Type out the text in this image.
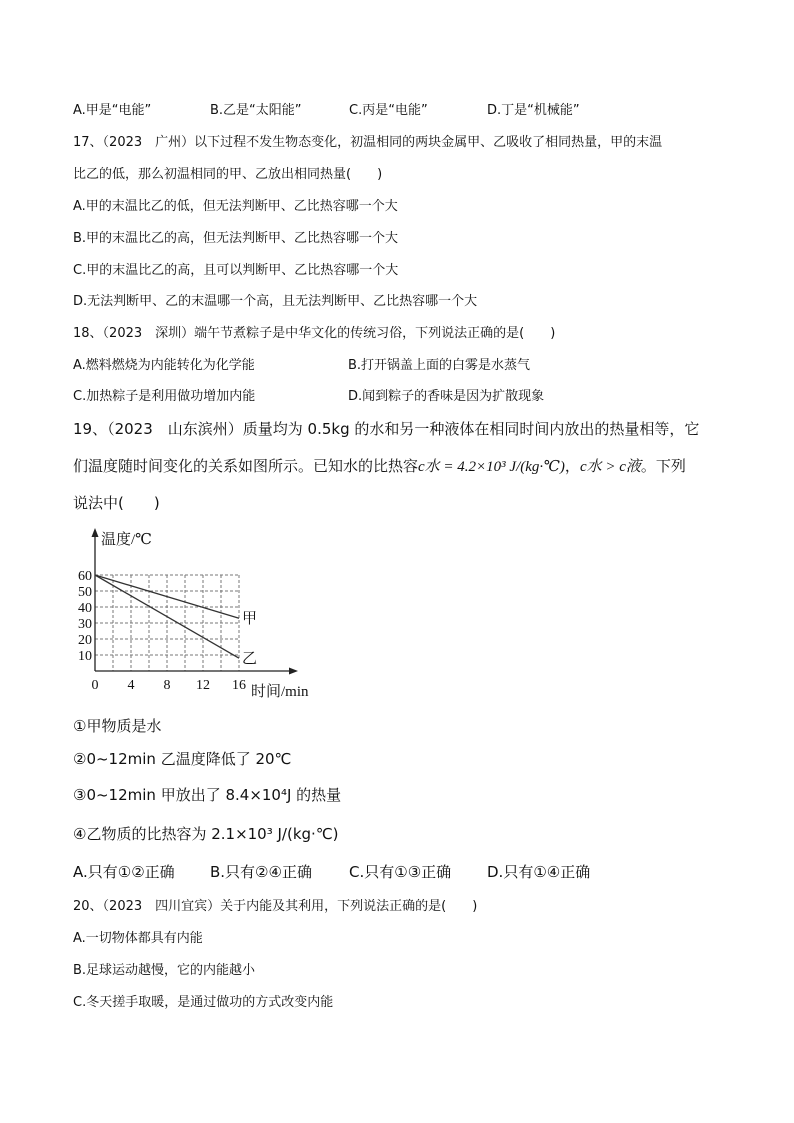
A.甲是“电能”	B.乙是“太阳能”	C.丙是“电能”	D.丁是“机械能”
17、（2023　广州）以下过程不发生物态变化，初温相同的两块金属甲、乙吸收了相同热量，甲的末温
比乙的低，那么初温相同的甲、乙放出相同热量(　　)
A.甲的末温比乙的低，但无法判断甲、乙比热容哪一个大
B.甲的末温比乙的高，但无法判断甲、乙比热容哪一个大
C.甲的末温比乙的高，且可以判断甲、乙比热容哪一个大
D.无法判断甲、乙的末温哪一个高，且无法判断甲、乙比热容哪一个大
18、（2023　深圳）端午节煮粽子是中华文化的传统习俗，下列说法正确的是(　　)
A.燃料燃烧为内能转化为化学能	B.打开锅盖上面的白雾是水蒸气
C.加热粽子是利用做功增加内能	D.闻到粽子的香味是因为扩散现象
19、（2023　山东滨州）质量均为 0.5kg 的水和另一种液体在相同时间内放出的热量相等，它
们温度随时间变化的关系如图所示。已知水的比热容c水 = 4.2×10³ J/(kg·℃)，c水 > c液。下列
说法中(　　)
温度/℃
时间/min
10
20
30
40
50
60
0 4 8 12 16
甲
乙
①甲物质是水
②0~12min 乙温度降低了 20℃
③0~12min 甲放出了 8.4×10⁴J 的热量
④乙物质的比热容为 2.1×10³ J/(kg·℃)
A.只有①②正确 B.只有②④正确 C.只有①③正确 D.只有①④正确
20、（2023　四川宜宾）关于内能及其利用，下列说法正确的是(　　)
A.一切物体都具有内能
B.足球运动越慢，它的内能越小
C.冬天搓手取暖，是通过做功的方式改变内能
